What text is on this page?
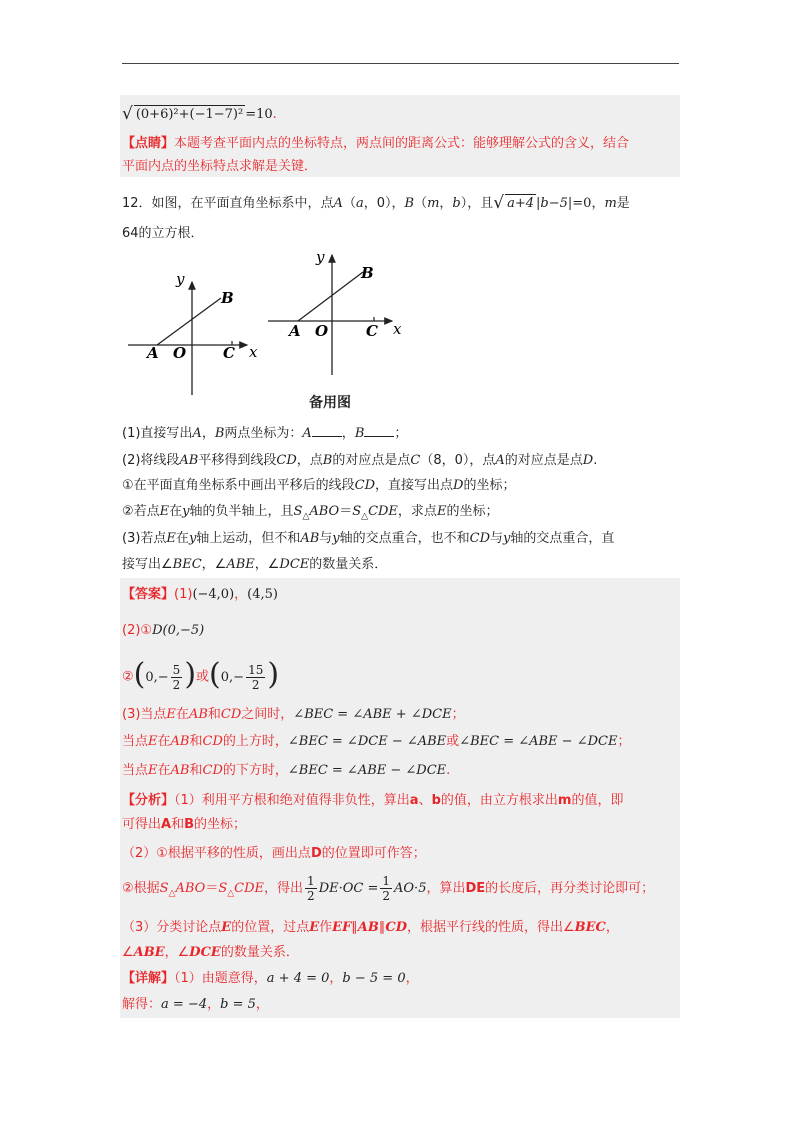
√ (0+6)²+(−1−7)² =10.
【点睛】本题考查平面内点的坐标特点，两点间的距离公式：能够理解公式的含义，结合
平面内点的坐标特点求解是关键．
12．如图，在平面直角坐标系中，点A（a，0），B（m，b），且√ a+4 |b−5|=0，m是
64的立方根．
y
x
A O C
B
y
x
A O	C
B
备用图
(1)直接写出A，B两点坐标为：A ，B ；
(2)将线段AB平移得到线段CD，点B的对应点是点C（8，0），点A的对应点是点D.
①在平面直角坐标系中画出平移后的线段CD，直接写出点D的坐标；
②若点E在y轴的负半轴上，且$S_\triangle ABO=S_\triangle CDE$，求点E的坐标；
(3)若点E在y轴上运动，但不和AB与y轴的交点重合，也不和CD与y轴的交点重合，直
接写出∠BEC，∠ABE，∠DCE的数量关系．
【答案】(1)(−4,0)，(4,5)
(2)①D(0,−5)
②(0,− $\frac{5}{2}$ )或($0,- \frac{15}{2}$ )
(3)当点E在AB和CD之间时，∠BEC = ∠ABE + ∠DCE；
当点E在AB和CD的上方时，∠BEC = ∠DCE − ∠ABE或∠BEC = ∠ABE − ∠DCE；
当点E在AB和CD的下方时，∠BEC = ∠ABE − ∠DCE.
【分析】（1）利用平方根和绝对值得非负性，算出a、b的值，由立方根求出m的值，即
可得出A和B的坐标；
（2）①根据平移的性质，画出点D的位置即可作答；
②根据$S_\triangle ABO=S_\triangle CDE$，得出 $\frac{1}{2} DE\cdot OC = \frac{1}{2} AO\cdot 5$，算出DE的长度后，再分类讨论即可；
（3）分类讨论点E的位置，过点E作EF∥AB∥CD，根据平行线的性质，得出∠BEC，
∠ABE，∠DCE的数量关系．
【详解】（1）由题意得，a + 4 = 0，b − 5 = 0，
解得：a = −4，b = 5，
